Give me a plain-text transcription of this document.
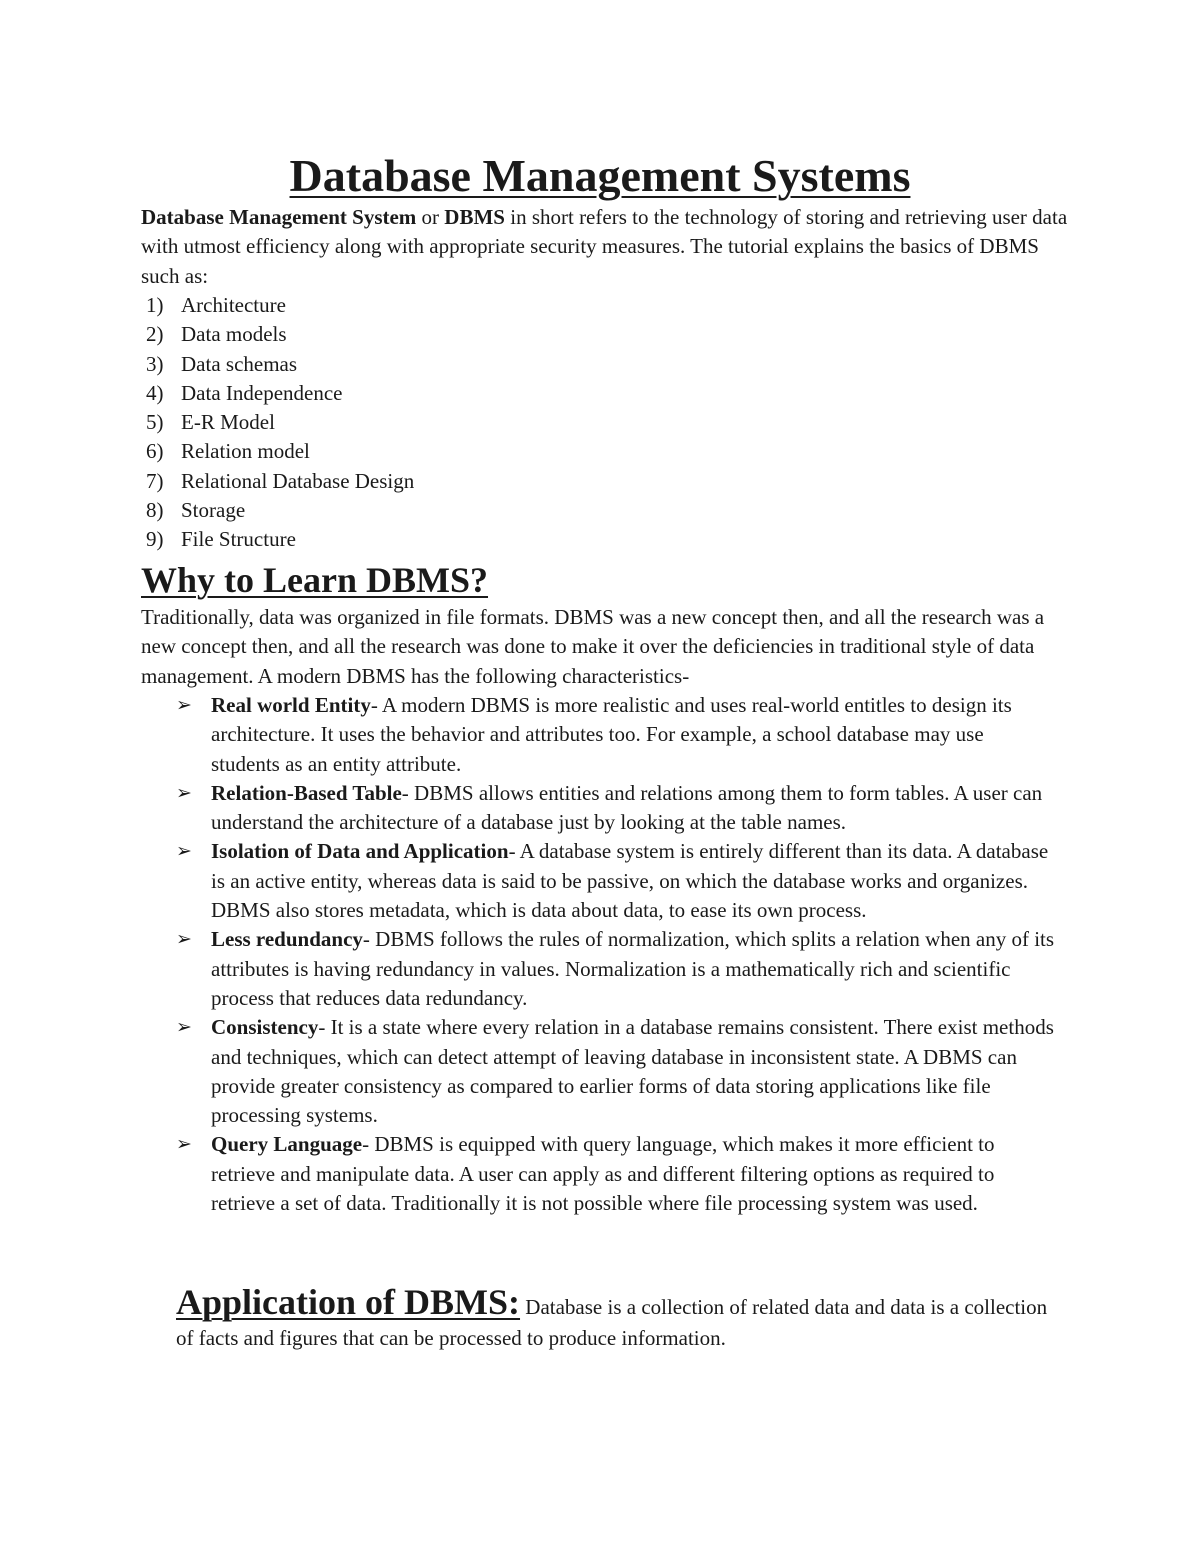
Database Management Systems

Database Management System or DBMS in short refers to the technology of storing and retrieving user data with utmost efficiency along with appropriate security measures. The tutorial explains the basics of DBMS such as:

1) Architecture
2) Data models
3) Data schemas
4) Data Independence
5) E-R Model
6) Relation model
7) Relational Database Design
8) Storage
9) File Structure
Why to Learn DBMS?

Traditionally, data was organized in file formats. DBMS was a new concept then, and all the research was a new concept then, and all the research was done to make it over the deficiencies in traditional style of data management. A modern DBMS has the following characteristics-

➢ Real world Entity- A modern DBMS is more realistic and uses real-world entitles to design its architecture. It uses the behavior and attributes too. For example, a school database may use students as an entity attribute.
➢ Relation-Based Table- DBMS allows entities and relations among them to form tables. A user can understand the architecture of a database just by looking at the table names.
➢ Isolation of Data and Application- A database system is entirely different than its data. A database is an active entity, whereas data is said to be passive, on which the database works and organizes. DBMS also stores metadata, which is data about data, to ease its own process.
➢ Less redundancy- DBMS follows the rules of normalization, which splits a relation when any of its attributes is having redundancy in values. Normalization is a mathematically rich and scientific process that reduces data redundancy.
➢ Consistency- It is a state where every relation in a database remains consistent. There exist methods and techniques, which can detect attempt of leaving database in inconsistent state. A DBMS can provide greater consistency as compared to earlier forms of data storing applications like file processing systems.
➢ Query Language- DBMS is equipped with query language, which makes it more efficient to retrieve and manipulate data. A user can apply as and different filtering options as required to retrieve a set of data. Traditionally it is not possible where file processing system was used.

Application of DBMS: Database is a collection of related data and data is a collection of facts and figures that can be processed to produce information.
